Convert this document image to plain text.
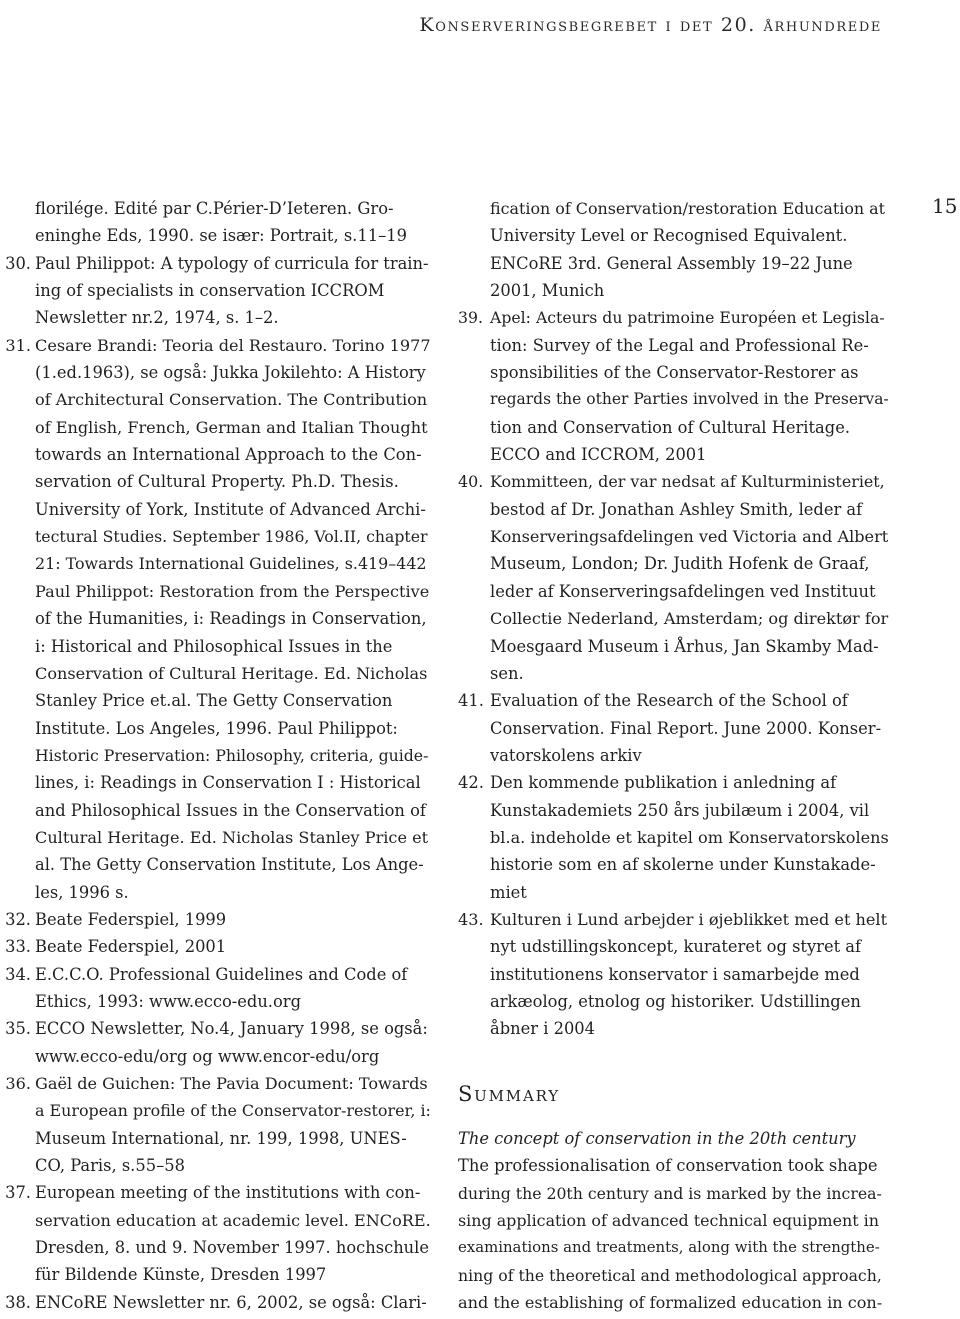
Konserveringsbegrebet i det 20. århundrede
15
florilége. Edité par C.Périer-D’Ieteren. Gro-
eninghe Eds, 1990. se især: Portrait, s.11–19
30. Paul Philippot: A typology of curricula for train-
ing of specialists in conservation ICCROM
Newsletter nr.2, 1974, s. 1–2.
31. Cesare Brandi: Teoria del Restauro. Torino 1977
(1.ed.1963), se også: Jukka Jokilehto: A History
of Architectural Conservation. The Contribution
of English, French, German and Italian Thought
towards an International Approach to the Con-
servation of Cultural Property. Ph.D. Thesis.
University of York, Institute of Advanced Archi-
tectural Studies. September 1986, Vol.II, chapter
21: Towards International Guidelines, s.419–442
Paul Philippot: Restoration from the Perspective
of the Humanities, i: Readings in Conservation,
i: Historical and Philosophical Issues in the
Conservation of Cultural Heritage. Ed. Nicholas
Stanley Price et.al. The Getty Conservation
Institute. Los Angeles, 1996. Paul Philippot:
Historic Preservation: Philosophy, criteria, guide-
lines, i: Readings in Conservation I : Historical
and Philosophical Issues in the Conservation of
Cultural Heritage. Ed. Nicholas Stanley Price et
al. The Getty Conservation Institute, Los Ange-
les, 1996 s.
32. Beate Federspiel, 1999
33. Beate Federspiel, 2001
34. E.C.C.O. Professional Guidelines and Code of
Ethics, 1993: www.ecco-edu.org
35. ECCO Newsletter, No.4, January 1998, se også:
www.ecco-edu/org og www.encor-edu/org
36. Gaël de Guichen: The Pavia Document: Towards
a European profile of the Conservator-restorer, i:
Museum International, nr. 199, 1998, UNES-
CO, Paris, s.55–58
37. European meeting of the institutions with con-
servation education at academic level. ENCoRE.
Dresden, 8. und 9. November 1997. hochschule
für Bildende Künste, Dresden 1997
38. ENCoRE Newsletter nr. 6, 2002, se også: Clari-
fication of Conservation/restoration Education at
University Level or Recognised Equivalent.
ENCoRE 3rd. General Assembly 19–22 June
2001, Munich
39. Apel: Acteurs du patrimoine Européen et Legisla-
tion: Survey of the Legal and Professional Re-
sponsibilities of the Conservator-Restorer as
regards the other Parties involved in the Preserva-
tion and Conservation of Cultural Heritage.
ECCO and ICCROM, 2001
40. Kommitteen, der var nedsat af Kulturministeriet,
bestod af Dr. Jonathan Ashley Smith, leder af
Konserveringsafdelingen ved Victoria and Albert
Museum, London; Dr. Judith Hofenk de Graaf,
leder af Konserveringsafdelingen ved Instituut
Collectie Nederland, Amsterdam; og direktør for
Moesgaard Museum i Århus, Jan Skamby Mad-
sen.
41. Evaluation of the Research of the School of
Conservation. Final Report. June 2000. Konser-
vatorskolens arkiv
42. Den kommende publikation i anledning af
Kunstakademiets 250 års jubilæum i 2004, vil
bl.a. indeholde et kapitel om Konservatorskolens
historie som en af skolerne under Kunstakade-
miet
43. Kulturen i Lund arbejder i øjeblikket med et helt
nyt udstillingskoncept, kurateret og styret af
institutionens konservator i samarbejde med
arkæolog, etnolog og historiker. Udstillingen
åbner i 2004
Summary
The concept of conservation in the 20th century
The professionalisation of conservation took shape
during the 20th century and is marked by the increa-
sing application of advanced technical equipment in
examinations and treatments, along with the strengthe-
ning of the theoretical and methodological approach,
and the establishing of formalized education in con-
